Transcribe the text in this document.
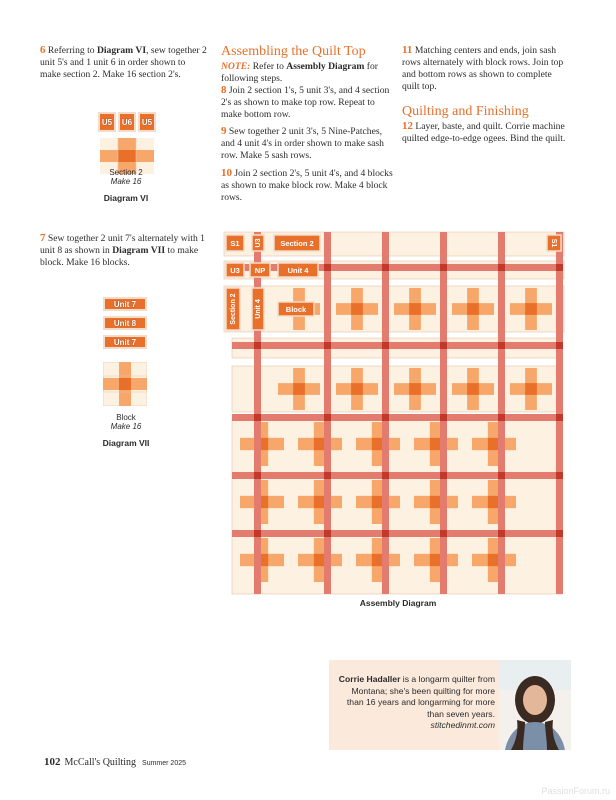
6 Referring to Diagram VI, sew together 2 unit 5's and 1 unit 6 in order shown to make section 2. Make 16 section 2's.
U5	U6	U5
Section 2
Make 16
Diagram VI
7 Sew together 2 unit 7's alternately with 1 unit 8 as shown in Diagram VII to make block. Make 16 blocks.
Unit 7
Unit 8
Unit 7
Block
Make 16
Diagram VII
Assembling the Quilt Top
NOTE: Refer to Assembly Diagram for following steps.
8 Join 2 section 1's, 5 unit 3's, and 4 section 2's as shown to make top row. Repeat to make bottom row.
9 Sew together 2 unit 3's, 5 Nine-Patches, and 4 unit 4's in order shown to make sash row. Make 5 sash rows.
10 Join 2 section 2's, 5 unit 4's, and 4 blocks as shown to make block row. Make 4 block rows.
11 Matching centers and ends, join sash rows alternately with block rows. Join top and bottom rows as shown to complete quilt top.
Quilting and Finishing
12 Layer, baste, and quilt. Corrie machine quilted edge-to-edge ogees. Bind the quilt.
S1 U3 Section 2	S1
U3 NP	Unit 4
Section 2	Unit 4	Block
Assembly Diagram
Corrie Hadaller is a longarm quilter from Montana; she's been quilting for more than 16 years and longarming for more than seven years.
stitchedinmt.com
102 McCall's Quilting Summer 2025
PassionForum.ru
